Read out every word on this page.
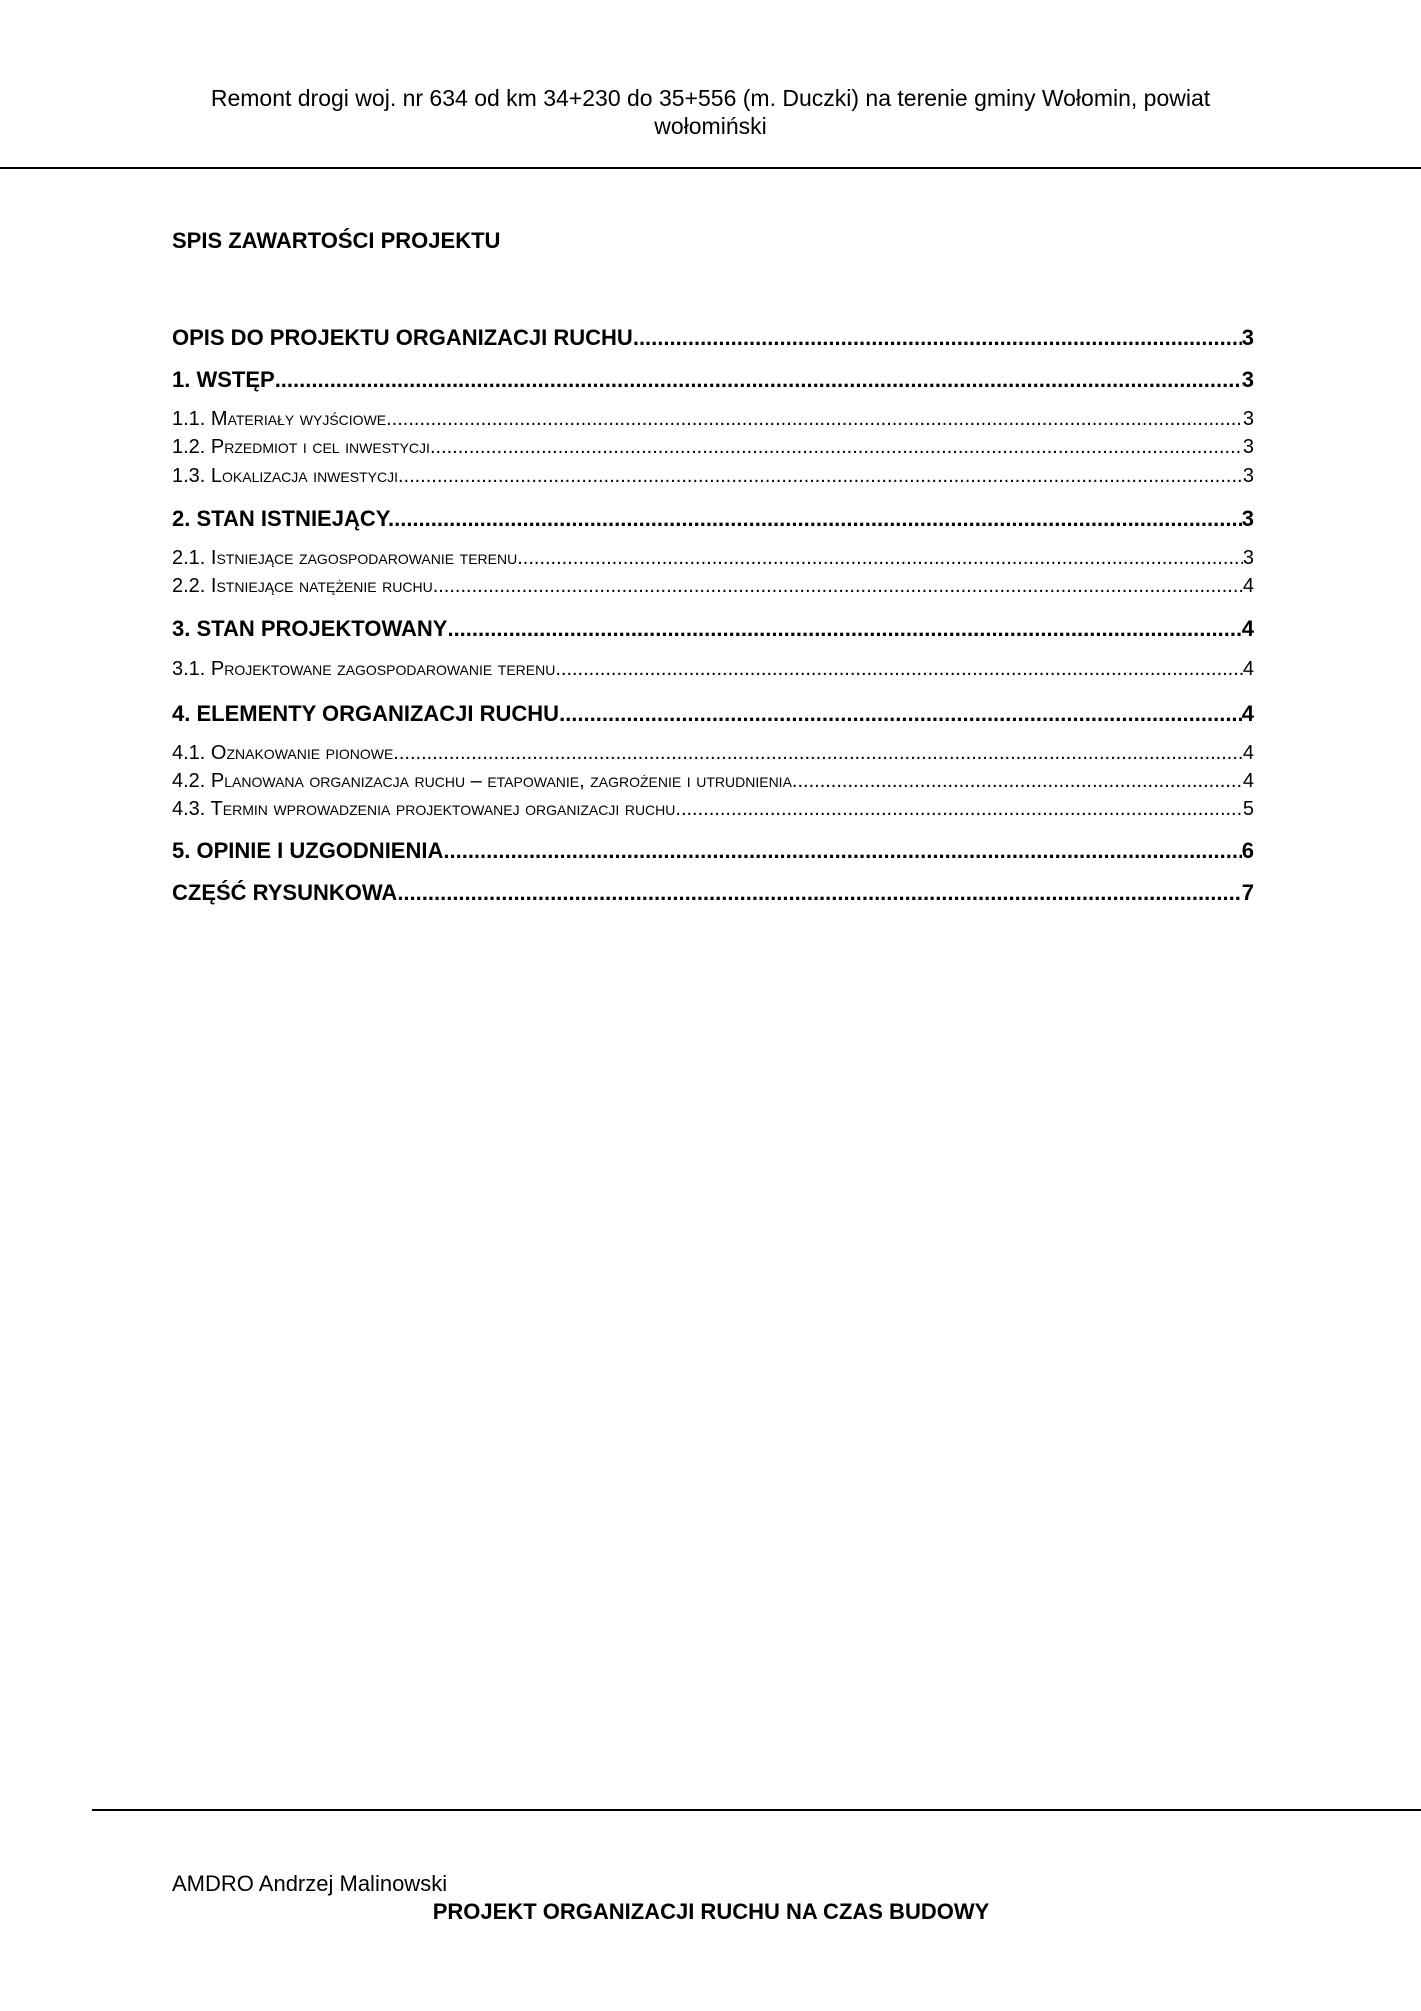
Remont drogi woj. nr 634 od km 34+230 do 35+556 (m. Duczki) na terenie gminy Wołomin, powiat
wołomiński
SPIS ZAWARTOŚCI PROJEKTU
OPIS DO PROJEKTU ORGANIZACJI RUCHU .....	3
1. WSTĘP .....	3
1.1. Materiały wyjściowe. .....	3
1.2. Przedmiot i cel inwestycji .....	3
1.3. Lokalizacja inwestycji. .....	3
2. STAN ISTNIEJĄCY. .....	3
2.1. Istniejące zagospodarowanie terenu .....	3
2.2. Istniejące natężenie ruchu .....	4
3. STAN PROJEKTOWANY .....	4
3.1. Projektowane zagospodarowanie terenu .....	4
4. ELEMENTY ORGANIZACJI RUCHU .....	4
4.1. Oznakowanie pionowe .....	4
4.2. Planowana organizacja ruchu – etapowanie, zagrożenie i utrudnienia. .....	4
4.3. Termin wprowadzenia projektowanej organizacji ruchu .....	5
5. OPINIE I UZGODNIENIA .....	6
CZĘŚĆ RYSUNKOWA .....	7
AMDRO Andrzej Malinowski
PROJEKT ORGANIZACJI RUCHU NA CZAS BUDOWY
